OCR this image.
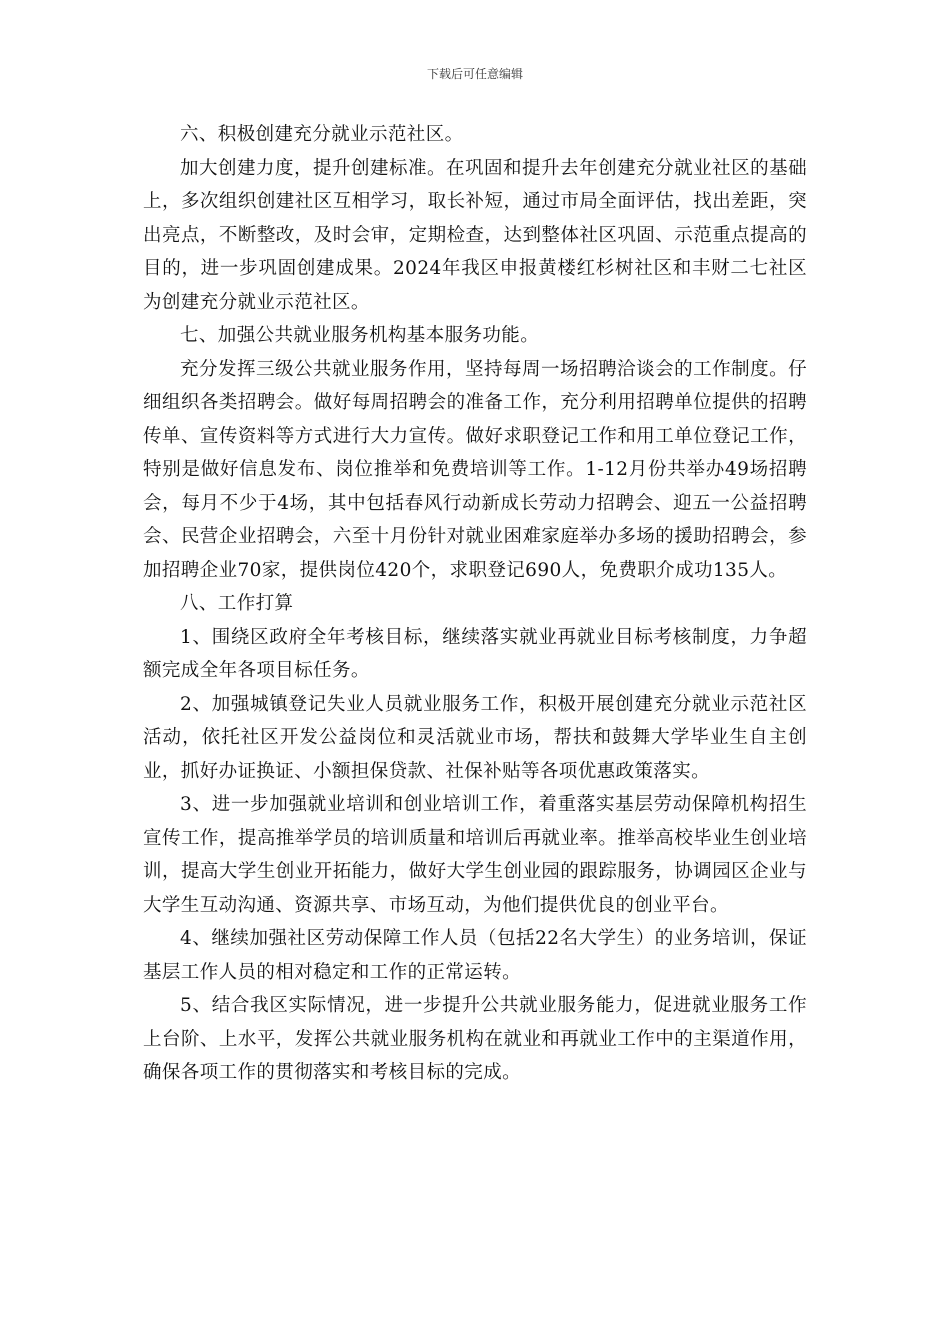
下载后可任意编辑

六、积极创建充分就业示范社区。

加大创建力度，提升创建标准。在巩固和提升去年创建充分就业社区的基础上，多次组织创建社区互相学习，取长补短，通过市局全面评估，找出差距，突出亮点，不断整改，及时会审，定期检查，达到整体社区巩固、示范重点提高的目的，进一步巩固创建成果。2024年我区申报黄楼红杉树社区和丰财二七社区为创建充分就业示范社区。

七、加强公共就业服务机构基本服务功能。

充分发挥三级公共就业服务作用，坚持每周一场招聘洽谈会的工作制度。仔细组织各类招聘会。做好每周招聘会的准备工作，充分利用招聘单位提供的招聘传单、宣传资料等方式进行大力宣传。做好求职登记工作和用工单位登记工作，特别是做好信息发布、岗位推举和免费培训等工作。1-12月份共举办49场招聘会，每月不少于4场，其中包括春风行动新成长劳动力招聘会、迎五一公益招聘会、民营企业招聘会，六至十月份针对就业困难家庭举办多场的援助招聘会，参加招聘企业70家，提供岗位420个，求职登记690人，免费职介成功135人。

八、工作打算

1、围绕区政府全年考核目标，继续落实就业再就业目标考核制度，力争超额完成全年各项目标任务。

2、加强城镇登记失业人员就业服务工作，积极开展创建充分就业示范社区活动，依托社区开发公益岗位和灵活就业市场，帮扶和鼓舞大学毕业生自主创业，抓好办证换证、小额担保贷款、社保补贴等各项优惠政策落实。

3、进一步加强就业培训和创业培训工作，着重落实基层劳动保障机构招生宣传工作，提高推举学员的培训质量和培训后再就业率。推举高校毕业生创业培训，提高大学生创业开拓能力，做好大学生创业园的跟踪服务，协调园区企业与大学生互动沟通、资源共享、市场互动，为他们提供优良的创业平台。

4、继续加强社区劳动保障工作人员（包括22名大学生）的业务培训，保证基层工作人员的相对稳定和工作的正常运转。

5、结合我区实际情况，进一步提升公共就业服务能力，促进就业服务工作上台阶、上水平，发挥公共就业服务机构在就业和再就业工作中的主渠道作用，确保各项工作的贯彻落实和考核目标的完成。
